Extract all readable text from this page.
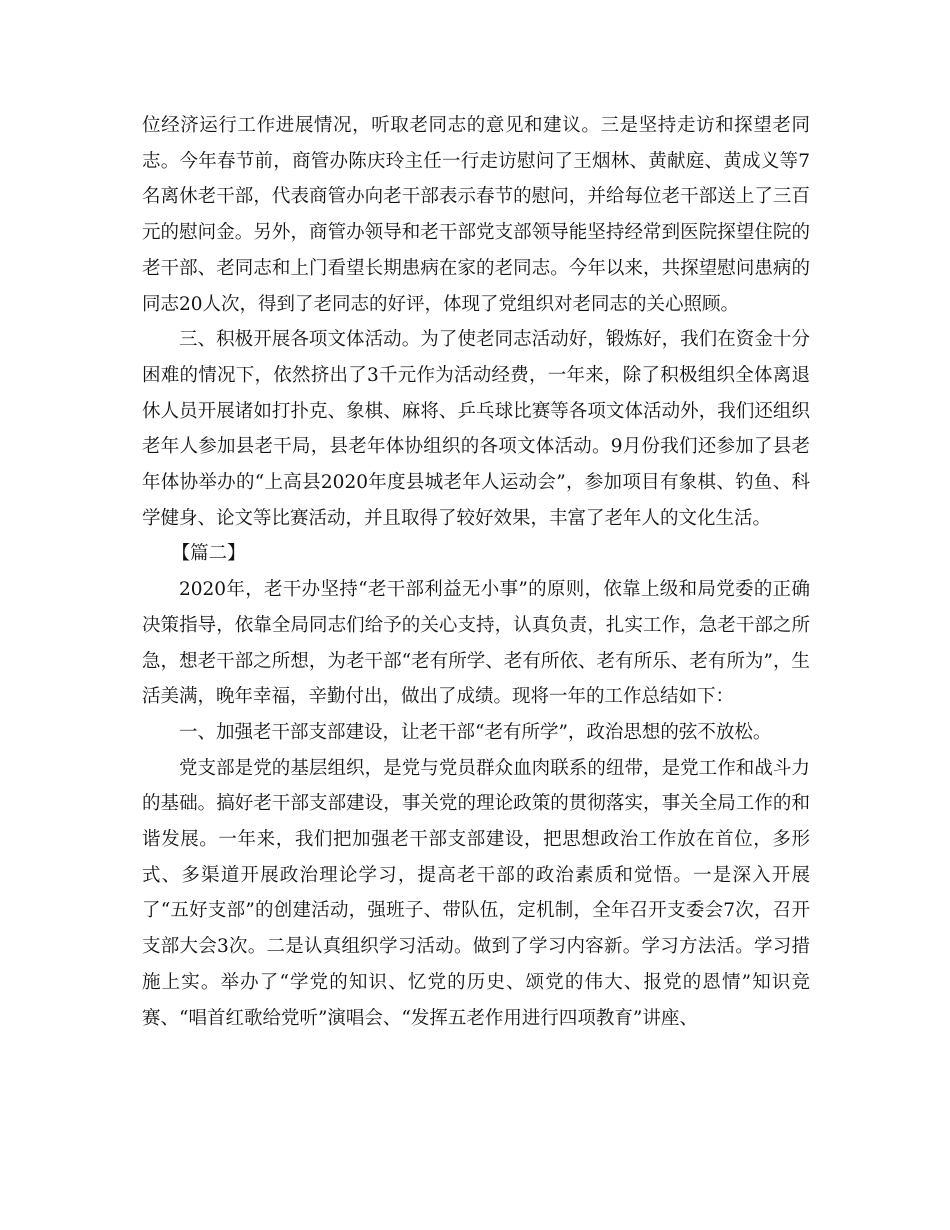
位经济运行工作进展情况，听取老同志的意见和建议。三是坚持走访和探望老同志。今年春节前，商管办陈庆玲主任一行走访慰问了王烟林、黄献庭、黄成义等7名离休老干部，代表商管办向老干部表示春节的慰问，并给每位老干部送上了三百元的慰问金。另外，商管办领导和老干部党支部领导能坚持经常到医院探望住院的老干部、老同志和上门看望长期患病在家的老同志。今年以来，共探望慰问患病的同志20人次，得到了老同志的好评，体现了党组织对老同志的关心照顾。

三、积极开展各项文体活动。为了使老同志活动好，锻炼好，我们在资金十分困难的情况下，依然挤出了3千元作为活动经费，一年来，除了积极组织全体离退休人员开展诸如打扑克、象棋、麻将、乒乓球比赛等各项文体活动外，我们还组织老年人参加县老干局，县老年体协组织的各项文体活动。9月份我们还参加了县老年体协举办的“上高县2020年度县城老年人运动会”，参加项目有象棋、钓鱼、科学健身、论文等比赛活动，并且取得了较好效果，丰富了老年人的文化生活。

【篇二】

2020年，老干办坚持“老干部利益无小事”的原则，依靠上级和局党委的正确决策指导，依靠全局同志们给予的关心支持，认真负责，扎实工作，急老干部之所急，想老干部之所想，为老干部“老有所学、老有所依、老有所乐、老有所为”，生活美满，晚年幸福，辛勤付出，做出了成绩。现将一年的工作总结如下：

一、加强老干部支部建设，让老干部“老有所学”，政治思想的弦不放松。

党支部是党的基层组织，是党与党员群众血肉联系的纽带，是党工作和战斗力的基础。搞好老干部支部建设，事关党的理论政策的贯彻落实，事关全局工作的和谐发展。一年来，我们把加强老干部支部建设，把思想政治工作放在首位，多形式、多渠道开展政治理论学习，提高老干部的政治素质和觉悟。一是深入开展了“五好支部”的创建活动，强班子、带队伍，定机制，全年召开支委会7次，召开支部大会3次。二是认真组织学习活动。做到了学习内容新。学习方法活。学习措施上实。举办了“学党的知识、忆党的历史、颂党的伟大、报党的恩情”知识竞赛、“唱首红歌给党听”演唱会、“发挥五老作用进行四项教育”讲座、
